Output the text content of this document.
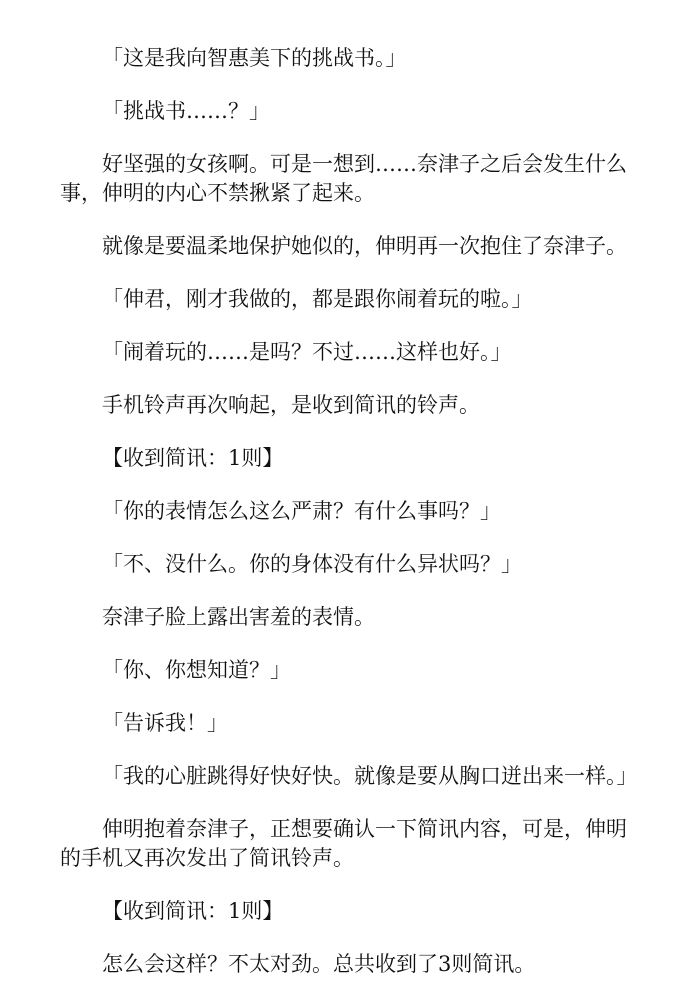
「这是我向智惠美下的挑战书。」

「挑战书……？」

好坚强的女孩啊。可是一想到……奈津子之后会发生什么事，伸明的内心不禁揪紧了起来。

就像是要温柔地保护她似的，伸明再一次抱住了奈津子。

「伸君，刚才我做的，都是跟你闹着玩的啦。」

「闹着玩的……是吗？不过……这样也好。」

手机铃声再次响起，是收到简讯的铃声。

【收到简讯：1则】

「你的表情怎么这么严肃？有什么事吗？」

「不、没什么。你的身体没有什么异状吗？」

奈津子脸上露出害羞的表情。

「你、你想知道？」

「告诉我！」

「我的心脏跳得好快好快。就像是要从胸口迸出来一样。」

伸明抱着奈津子，正想要确认一下简讯内容，可是，伸明的手机又再次发出了简讯铃声。

【收到简讯：1则】

怎么会这样？不太对劲。总共收到了3则简讯。
